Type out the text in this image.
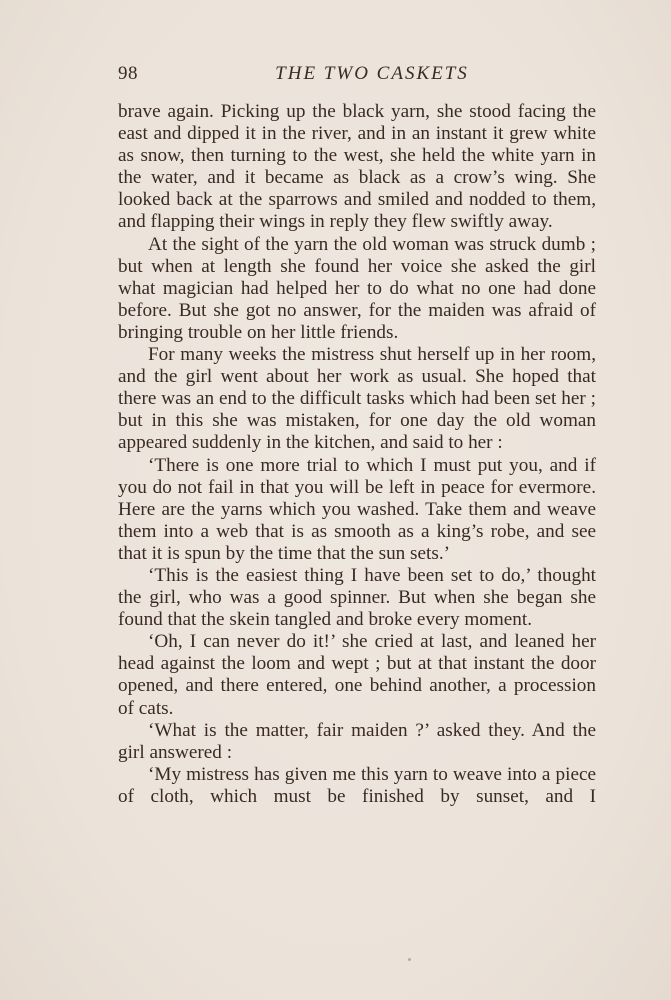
98	THE TWO CASKETS

brave again. Picking up the black yarn, she stood facing the east and dipped it in the river, and in an instant it grew white as snow, then turning to the west, she held the white yarn in the water, and it became as black as a crow’s wing. She looked back at the sparrows and smiled and nodded to them, and flapping their wings in reply they flew swiftly away.

At the sight of the yarn the old woman was struck dumb ; but when at length she found her voice she asked the girl what magician had helped her to do what no one had done before. But she got no answer, for the maiden was afraid of bringing trouble on her little friends.

For many weeks the mistress shut herself up in her room, and the girl went about her work as usual. She hoped that there was an end to the difficult tasks which had been set her ; but in this she was mistaken, for one day the old woman appeared suddenly in the kitchen, and said to her :

‘There is one more trial to which I must put you, and if you do not fail in that you will be left in peace for evermore. Here are the yarns which you washed. Take them and weave them into a web that is as smooth as a king’s robe, and see that it is spun by the time that the sun sets.’

‘This is the easiest thing I have been set to do,’ thought the girl, who was a good spinner. But when she began she found that the skein tangled and broke every moment.

‘Oh, I can never do it!’ she cried at last, and leaned her head against the loom and wept ; but at that instant the door opened, and there entered, one behind another, a procession of cats.

‘What is the matter, fair maiden ?’ asked they. And the girl answered :

‘My mistress has given me this yarn to weave into a piece of cloth, which must be finished by sunset, and I
